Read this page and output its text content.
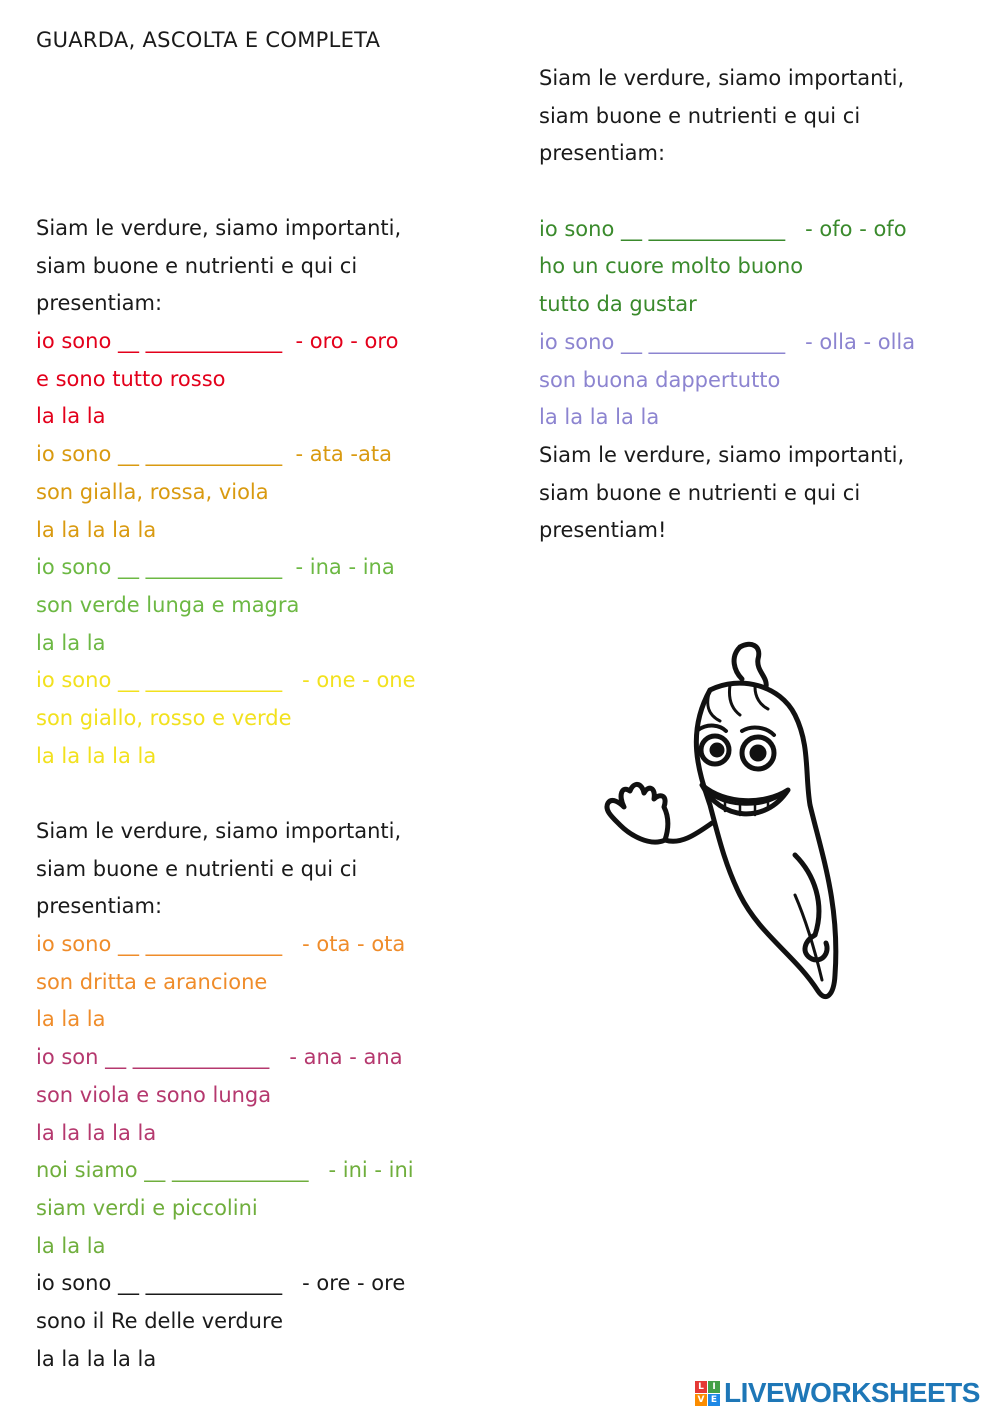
GUARDA, ASCOLTA E COMPLETA
Siam le verdure, siamo importanti,
siam buone e nutrienti e qui ci
presentiam:
io sono __ _____________  - oro - oro
e sono tutto rosso
la la la
io sono __ _____________  - ata -ata
son gialla, rossa, viola
la la la la la
io sono __ _____________  - ina - ina
son verde lunga e magra
la la la
io sono __ _____________   - one - one
son giallo, rosso e verde
la la la la la
Siam le verdure, siamo importanti,
siam buone e nutrienti e qui ci
presentiam:
io sono __ _____________   - ota - ota
son dritta e arancione
la la la
io son __ _____________   - ana - ana
son viola e sono lunga
la la la la la
noi siamo __ _____________   - ini - ini
siam verdi e piccolini
la la la
io sono __ _____________   - ore - ore
sono il Re delle verdure
la la la la la
Siam le verdure, siamo importanti,
siam buone e nutrienti e qui ci
presentiam:
io sono __ _____________   - ofo - ofo
ho un cuore molto buono
tutto da gustar
io sono __ _____________   - olla - olla
son buona dappertutto
la la la la la
Siam le verdure, siamo importanti,
siam buone e nutrienti e qui ci
presentiam!
L I
V E LIVEWORKSHEETS
